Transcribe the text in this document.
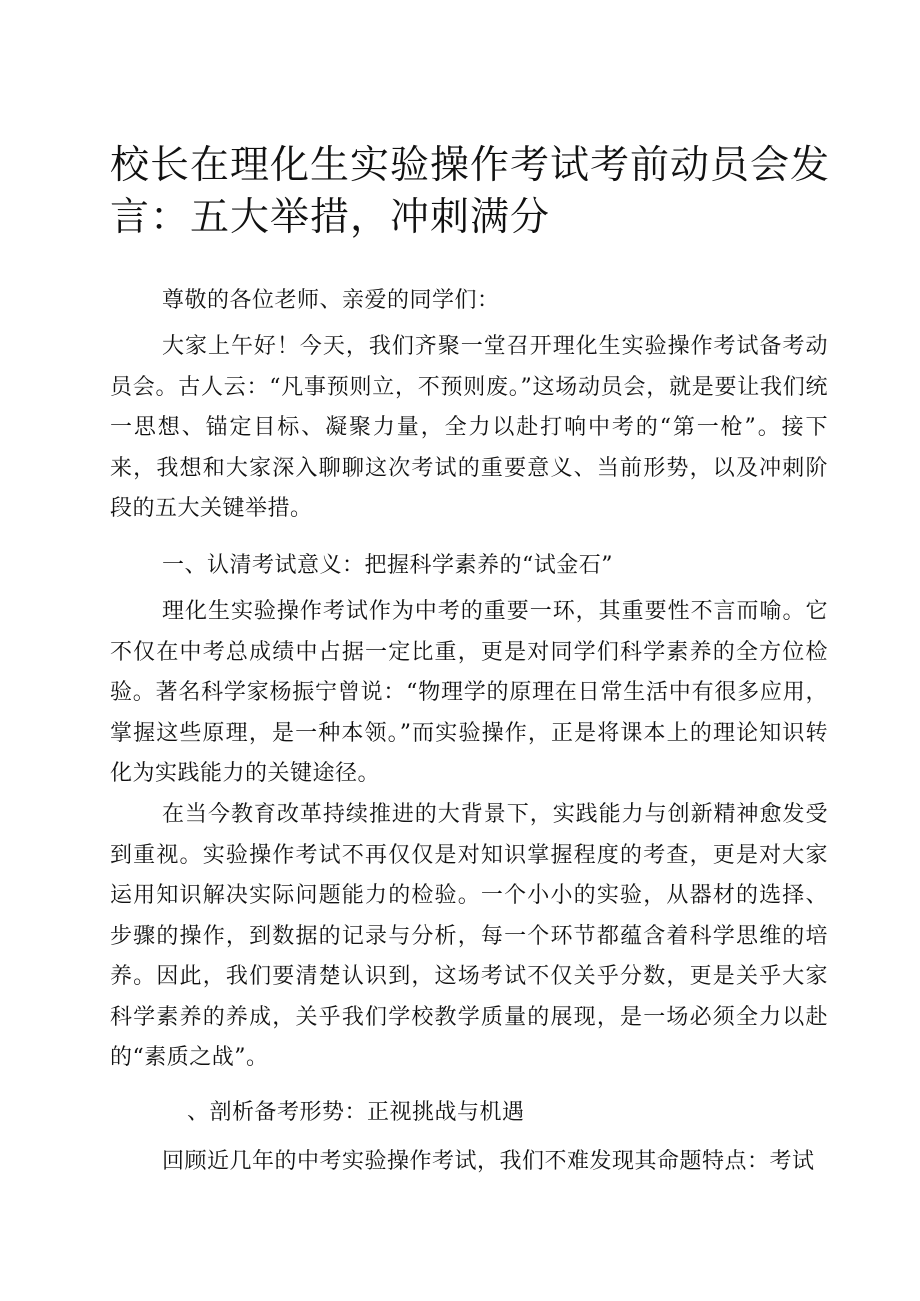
校长在理化生实验操作考试考前动员会发言：五大举措，冲刺满分

尊敬的各位老师、亲爱的同学们：

大家上午好！今天，我们齐聚一堂召开理化生实验操作考试备考动员会。古人云：“凡事预则立，不预则废。”这场动员会，就是要让我们统一思想、锚定目标、凝聚力量，全力以赴打响中考的“第一枪”。接下来，我想和大家深入聊聊这次考试的重要意义、当前形势，以及冲刺阶段的五大关键举措。

一、认清考试意义：把握科学素养的“试金石”

理化生实验操作考试作为中考的重要一环，其重要性不言而喻。它不仅在中考总成绩中占据一定比重，更是对同学们科学素养的全方位检验。著名科学家杨振宁曾说：“物理学的原理在日常生活中有很多应用，掌握这些原理，是一种本领。”而实验操作，正是将课本上的理论知识转化为实践能力的关键途径。

在当今教育改革持续推进的大背景下，实践能力与创新精神愈发受到重视。实验操作考试不再仅仅是对知识掌握程度的考查，更是对大家运用知识解决实际问题能力的检验。一个小小的实验，从器材的选择、步骤的操作，到数据的记录与分析，每一个环节都蕴含着科学思维的培养。因此，我们要清楚认识到，这场考试不仅关乎分数，更是关乎大家科学素养的养成，关乎我们学校教学质量的展现，是一场必须全力以赴的“素质之战”。

、剖析备考形势：正视挑战与机遇

回顾近几年的中考实验操作考试，我们不难发现其命题特点：考试
